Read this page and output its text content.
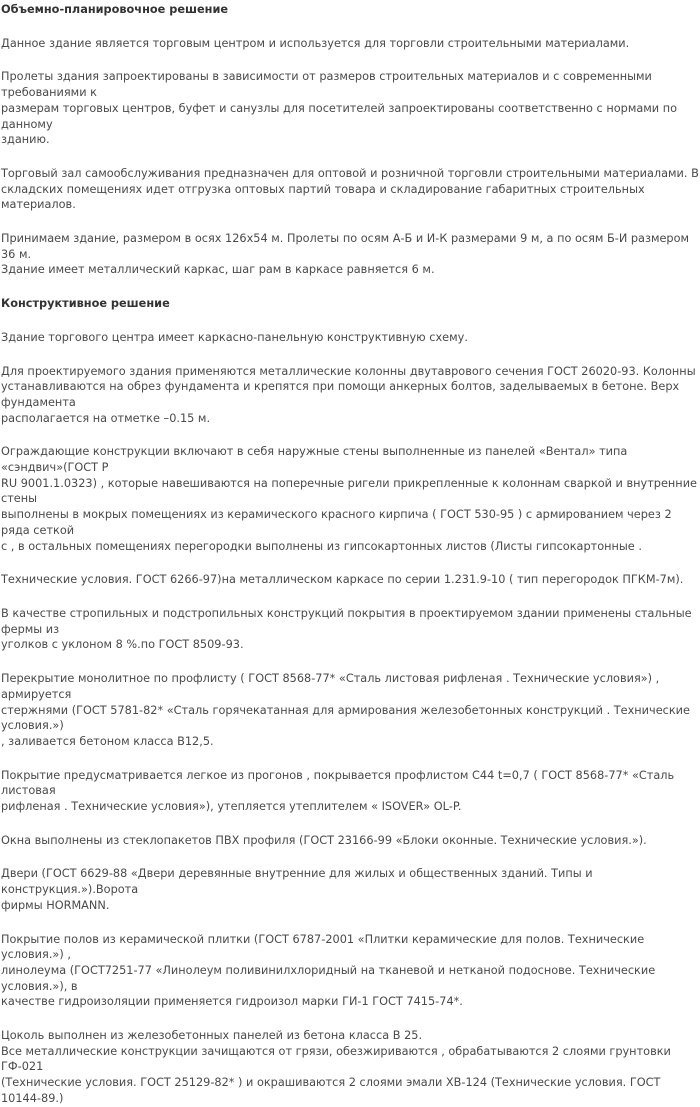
Объемно-планировочное решение

Данное здание является торговым центром и используется для торговли строительными материалами.

Пролеты здания запроектированы в зависимости от размеров строительных материалов и с современными требованиями к
размерам торговых центров, буфет и санузлы для посетителей запроектированы соответственно с нормами по данному
зданию.

Торговый зал самообслуживания предназначен для оптовой и розничной торговли строительными материалами. В
складских помещениях идет отгрузка оптовых партий товара и складирование габаритных строительных материалов.

Принимаем здание, размером в осях 126х54 м. Пролеты по осям А-Б и И-К размерами 9 м, а по осям Б-И размером 36 м.
Здание имеет металлический каркас, шаг рам в каркасе равняется 6 м.

Конструктивное решение

Здание торгового центра имеет каркасно-панельную конструктивную схему.

Для проектируемого здания применяются металлические колонны двутаврового сечения ГОСТ 26020-93. Колонны
устанавливаются на обрез фундамента и крепятся при помощи анкерных болтов, заделываемых в бетоне. Верх фундамента
располагается на отметке –0.15 м.

Ограждающие конструкции включают в себя наружные стены выполненные из панелей «Вентал» типа «сэндвич»(ГОСТ Р
RU 9001.1.0323) , которые навешиваются на поперечные ригели прикрепленные к колоннам сваркой и внутренние стены
выполнены в мокрых помещениях из керамического красного кирпича ( ГОСТ 530-95 ) с армированием через 2 ряда сеткой
с , в остальных помещениях перегородки выполнены из гипсокартонных листов (Листы гипсокартонные .

Технические условия. ГОСТ 6266-97)на металлическом каркасе по серии 1.231.9-10 ( тип перегородок ПГКМ-7м).

В качестве стропильных и подстропильных конструкций покрытия в проектируемом здании применены стальные фермы из
уголков с уклоном 8 %.по ГОСТ 8509-93.

Перекрытие монолитное по профлисту ( ГОСТ 8568-77* «Сталь листовая рифленая . Технические условия») , армируется
стержнями (ГОСТ 5781-82* «Сталь горячекатанная для армирования железобетонных конструкций . Технические условия.»)
, заливается бетоном класса В12,5.

Покрытие предусматривается легкое из прогонов , покрывается профлистом С44 t=0,7 ( ГОСТ 8568-77* «Сталь листовая
рифленая . Технические условия»), утепляется утеплителем « ISOVER» OL-P.

Окна выполнены из стеклопакетов ПВХ профиля (ГОСТ 23166-99 «Блоки оконные. Технические условия.»).

Двери (ГОСТ 6629-88 «Двери деревянные внутренние для жилых и общественных зданий. Типы и конструкция.»).Ворота
фирмы HORMANN.

Покрытие полов из керамической плитки (ГОСТ 6787-2001 «Плитки керамические для полов. Технические условия.») ,
линолеума (ГОСТ7251-77 «Линолеум поливинилхлоридный на тканевой и нетканой подоснове. Технические условия.»), в
качестве гидроизоляции применяется гидроизол марки ГИ-1 ГОСТ 7415-74*.

Цоколь выполнен из железобетонных панелей из бетона класса В 25.
Все металлические конструкции зачищаются от грязи, обезжириваются , обрабатываются 2 слоями грунтовки ГФ-021
(Технические условия. ГОСТ 25129-82* ) и окрашиваются 2 слоями эмали ХВ-124 (Технические условия. ГОСТ 10144-89.)
